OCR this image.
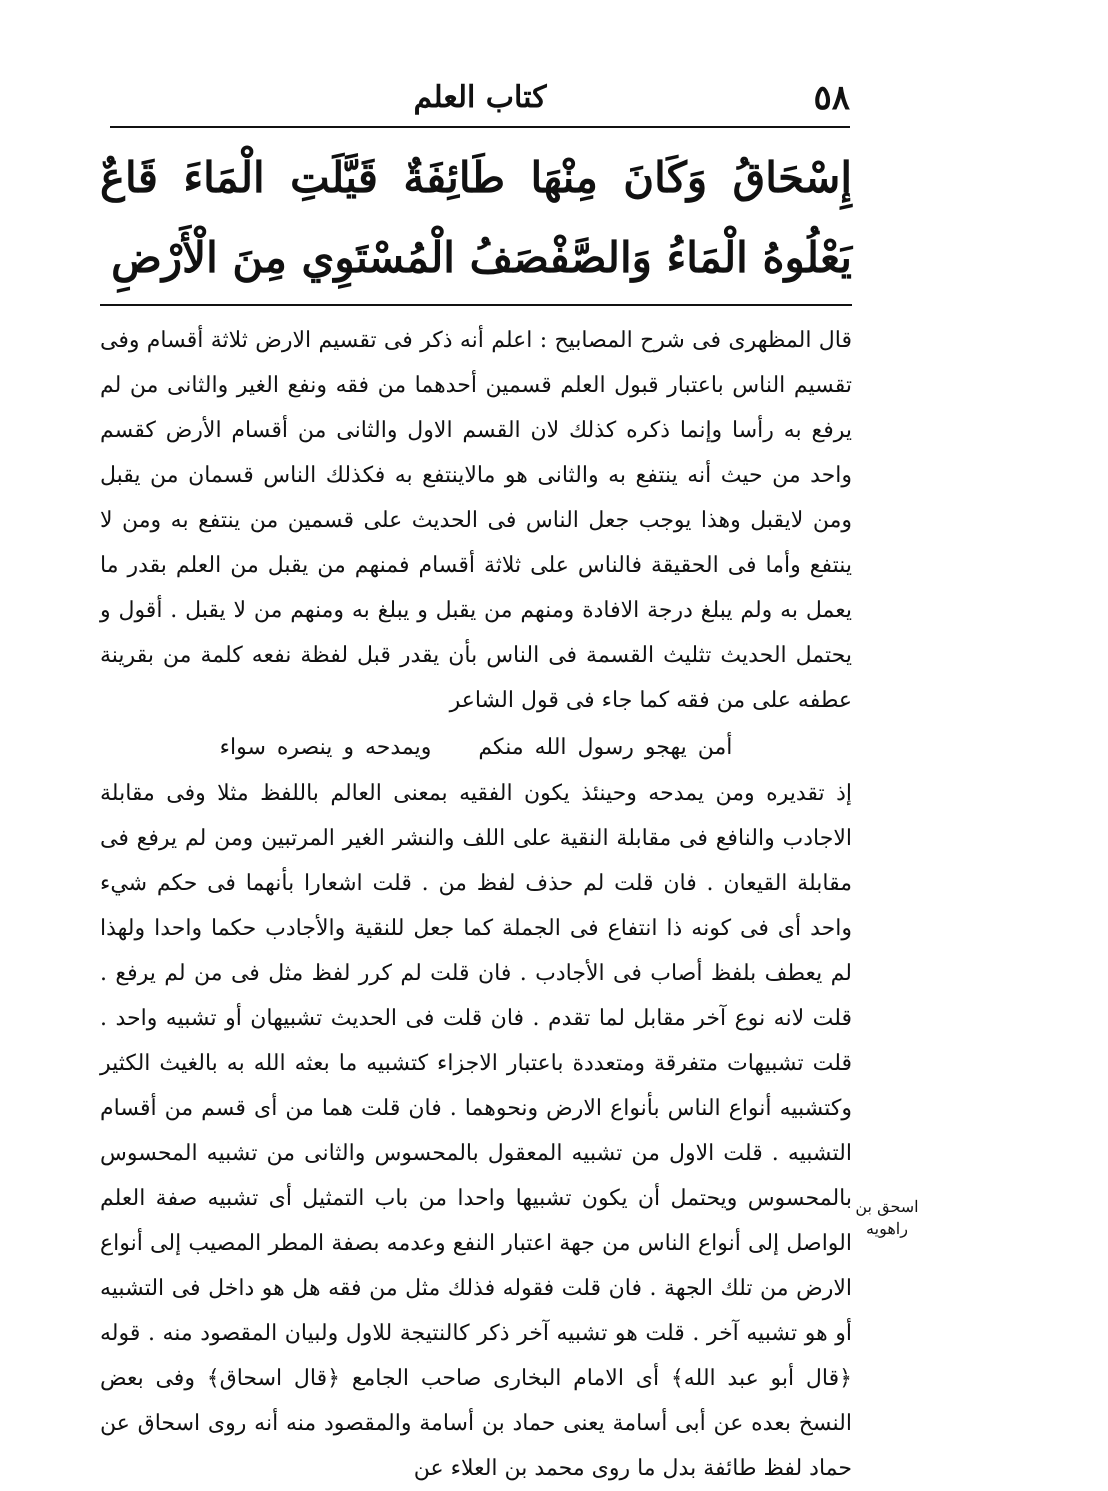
٥٨
كتاب العلم
إِسْحَاقُ وَكَانَ مِنْهَا طَائِفَةٌ قَيَّلَتِ الْمَاءَ قَاعٌ يَعْلُوهُ الْمَاءُ وَالصَّفْصَفُ الْمُسْتَوِي مِنَ الْأَرْضِ

قال المظهرى فى شرح المصابيح : اعلم أنه ذكر فى تقسيم الارض ثلاثة أقسام وفى تقسيم الناس باعتبار قبول العلم قسمين أحدهما من فقه ونفع الغير والثانى من لم يرفع به رأسا وإنما ذكره كذلك لان القسم الاول والثانى من أقسام الأرض كقسم واحد من حيث أنه ينتفع به والثانى هو مالاينتفع به فكذلك الناس قسمان من يقبل ومن لايقبل وهذا يوجب جعل الناس فى الحديث على قسمين من ينتفع به ومن لا ينتفع وأما فى الحقيقة فالناس على ثلاثة أقسام فمنهم من يقبل من العلم بقدر ما يعمل به ولم يبلغ درجة الافادة ومنهم من يقبل و يبلغ به ومنهم من لا يقبل . أقول و يحتمل الحديث تثليث القسمة فى الناس بأن يقدر قبل لفظة نفعه كلمة من بقرينة عطفه على من فقه كما جاء فى قول الشاعر

أمن يهجو رسول الله منكم ويمدحه و ينصره سواء

إذ تقديره ومن يمدحه وحينئذ يكون الفقيه بمعنى العالم باللفظ مثلا وفى مقابلة الاجادب والنافع فى مقابلة النقية على اللف والنشر الغير المرتبين ومن لم يرفع فى مقابلة القيعان . فان قلت لم حذف لفظ من . قلت اشعارا بأنهما فى حكم شيء واحد أى فى كونه ذا انتفاع فى الجملة كما جعل للنقية والأجادب حكما واحدا ولهذا لم يعطف بلفظ أصاب فى الأجادب . فان قلت لم كرر لفظ مثل فى من لم يرفع . قلت لانه نوع آخر مقابل لما تقدم . فان قلت فى الحديث تشبيهان أو تشبيه واحد . قلت تشبيهات متفرقة ومتعددة باعتبار الاجزاء كتشبيه ما بعثه الله به بالغيث الكثير وكتشبيه أنواع الناس بأنواع الارض ونحوهما . فان قلت هما من أى قسم من أقسام التشبيه . قلت الاول من تشبيه المعقول بالمحسوس والثانى من تشبيه المحسوس بالمحسوس ويحتمل أن يكون تشبيها واحدا من باب التمثيل أى تشبيه صفة العلم الواصل إلى أنواع الناس من جهة اعتبار النفع وعدمه بصفة المطر المصيب إلى أنواع الارض من تلك الجهة . فان قلت فقوله فذلك مثل من فقه هل هو داخل فى التشبيه أو هو تشبيه آخر . قلت هو تشبيه آخر ذكر كالنتيجة للاول ولبيان المقصود منه . قوله ﴿قال أبو عبد الله﴾ أى الامام البخارى صاحب الجامع ﴿قال اسحاق﴾ وفى بعض النسخ بعده عن أبى أسامة يعنى حماد بن أسامة والمقصود منه أنه روى اسحاق عن حماد لفظ طائفة بدل ما روى محمد بن العلاء عن

اسحق بن راهويه
